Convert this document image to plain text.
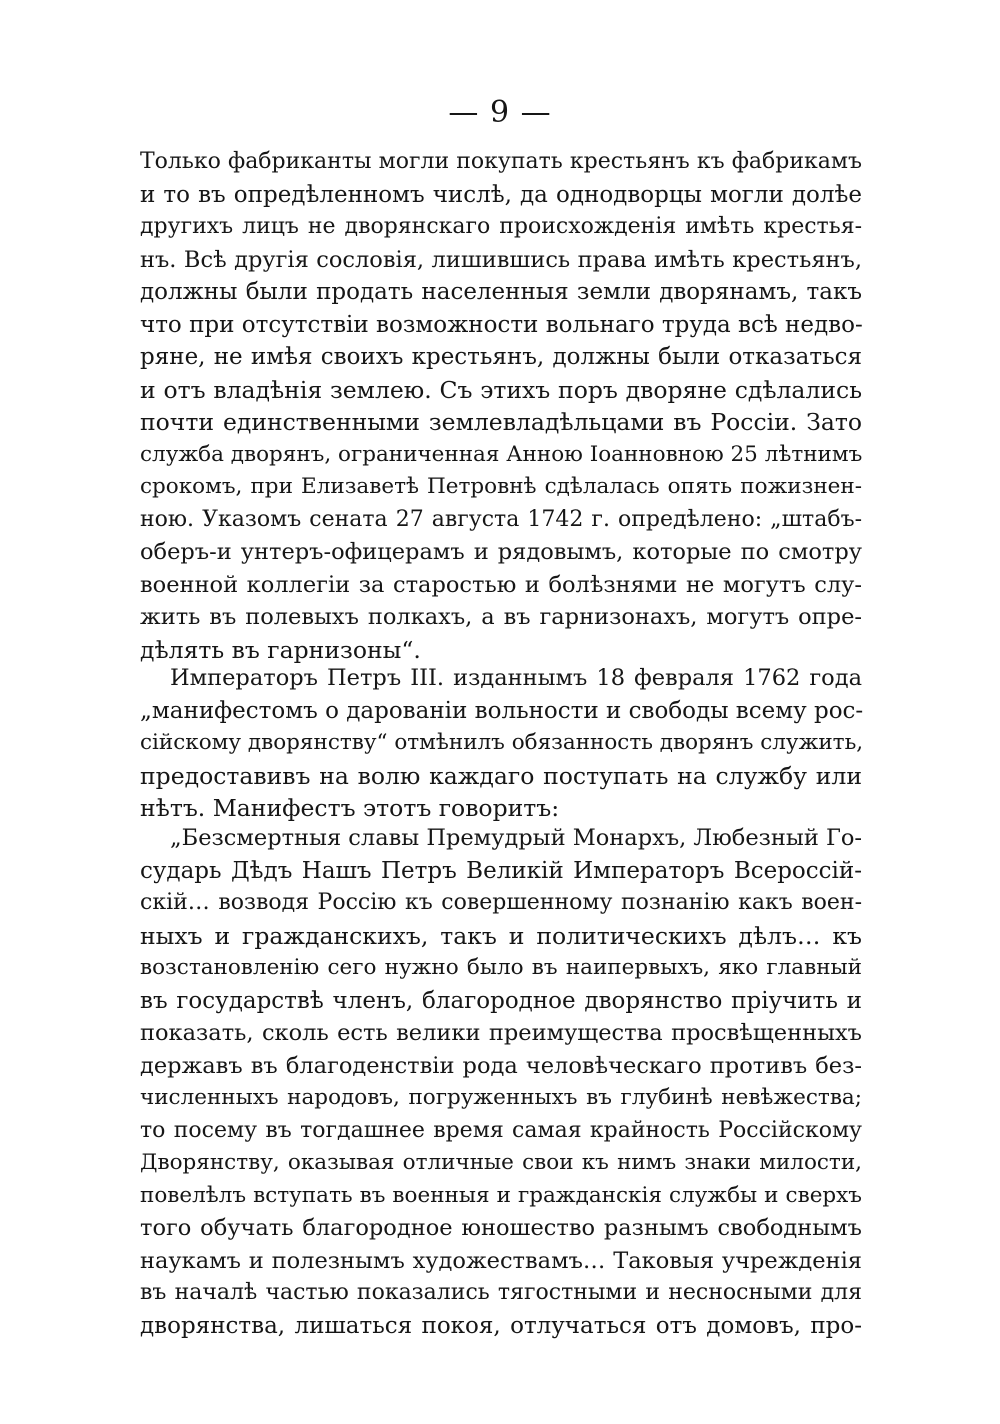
— 9 —
Только фабриканты могли покупать крестьянъ къ фабрикамъ
и то въ опредѣленномъ числѣ, да однодворцы могли долѣе
другихъ лицъ не дворянскаго происхожденія имѣть крестья-
нъ. Всѣ другія сословія, лишившись права имѣть крестьянъ,
должны были продать населенныя земли дворянамъ, такъ
что при отсутствіи возможности вольнаго труда всѣ недво-
ряне, не имѣя своихъ крестьянъ, должны были отказаться
и отъ владѣнія землею. Съ этихъ поръ дворяне сдѣлались
почти единственными землевладѣльцами въ Россіи. Зато
служба дворянъ, ограниченная Анною Іоанновною 25 лѣтнимъ
срокомъ, при Елизаветѣ Петровнѣ сдѣлалась опять пожизнен-
ною. Указомъ сената 27 августа 1742 г. опредѣлено: „штабъ-
оберъ-и унтеръ-офицерамъ и рядовымъ, которые по смотру
военной коллегіи за старостью и болѣзнями не могутъ слу-
жить въ полевыхъ полкахъ, а въ гарнизонахъ, могутъ опре-
дѣлять въ гарнизоны“.
Императоръ Петръ III. изданнымъ 18 февраля 1762 года
„манифестомъ о дарованіи вольности и свободы всему рос-
сійскому дворянству“ отмѣнилъ обязанность дворянъ служить,
предоставивъ на волю каждаго поступать на службу или
нѣтъ. Манифестъ этотъ говоритъ:
„Безсмертныя славы Премудрый Монархъ, Любезный Го-
сударь Дѣдъ Нашъ Петръ Великій Императоръ Всероссій-
скій… возводя Россію къ совершенному познанію какъ воен-
ныхъ и гражданскихъ, такъ и политическихъ дѣлъ… къ
возстановленію сего нужно было въ наипервыхъ, яко главный
въ государствѣ членъ, благородное дворянство пріучить и
показать, сколь есть велики преимущества просвѣщенныхъ
державъ въ благоденствіи рода человѣческаго противъ без-
численныхъ народовъ, погруженныхъ въ глубинѣ невѣжества;
то посему въ тогдашнее время самая крайность Россійскому
Дворянству, оказывая отличные свои къ нимъ знаки милости,
повелѣлъ вступать въ военныя и гражданскія службы и сверхъ
того обучать благородное юношество разнымъ свободнымъ
наукамъ и полезнымъ художествамъ… Таковыя учрежденія
въ началѣ частью показались тягостными и несносными для
дворянства, лишаться покоя, отлучаться отъ домовъ, про-
